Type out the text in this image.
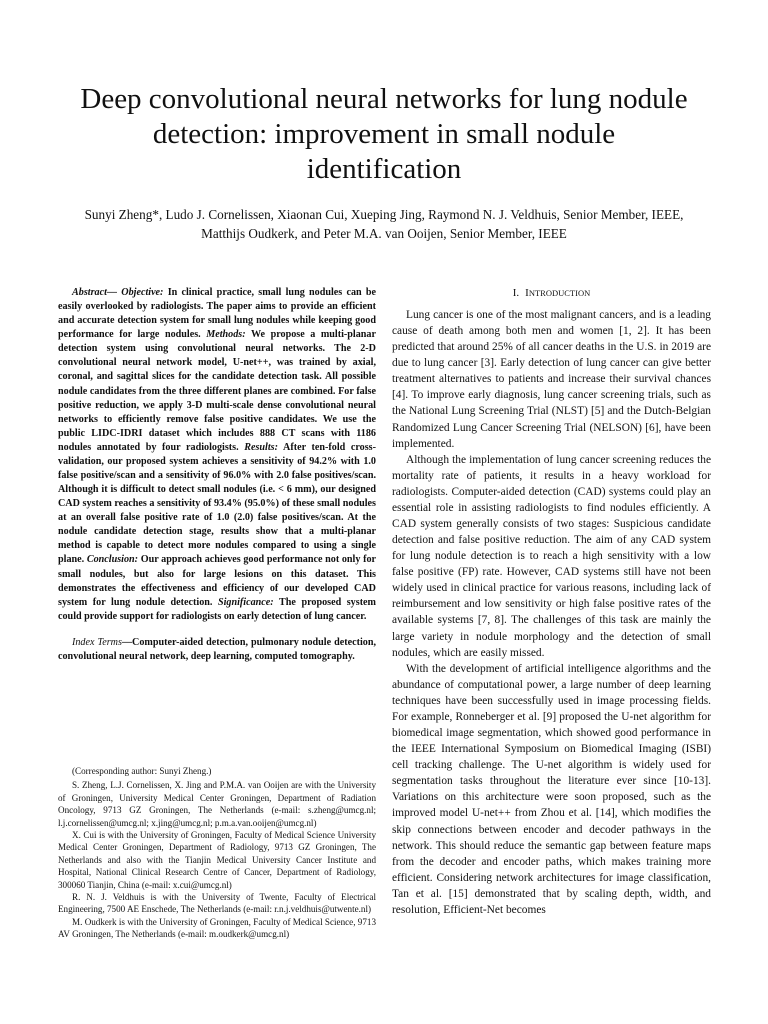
Deep convolutional neural networks for lung nodule detection: improvement in small nodule identification
Sunyi Zheng*, Ludo J. Cornelissen, Xiaonan Cui, Xueping Jing, Raymond N. J. Veldhuis, Senior Member, IEEE, Matthijs Oudkerk, and Peter M.A. van Ooijen, Senior Member, IEEE

Abstract— Objective: In clinical practice, small lung nodules can be easily overlooked by radiologists. The paper aims to provide an efficient and accurate detection system for small lung nodules while keeping good performance for large nodules. Methods: We propose a multi-planar detection system using convolutional neural networks. The 2-D convolutional neural network model, U-net++, was trained by axial, coronal, and sagittal slices for the candidate detection task. All possible nodule candidates from the three different planes are combined. For false positive reduction, we apply 3-D multi-scale dense convolutional neural networks to efficiently remove false positive candidates. We use the public LIDC-IDRI dataset which includes 888 CT scans with 1186 nodules annotated by four radiologists. Results: After ten-fold cross-validation, our proposed system achieves a sensitivity of 94.2% with 1.0 false positive/scan and a sensitivity of 96.0% with 2.0 false positives/scan. Although it is difficult to detect small nodules (i.e. < 6 mm), our designed CAD system reaches a sensitivity of 93.4% (95.0%) of these small nodules at an overall false positive rate of 1.0 (2.0) false positives/scan. At the nodule candidate detection stage, results show that a multi-planar method is capable to detect more nodules compared to using a single plane. Conclusion: Our approach achieves good performance not only for small nodules, but also for large lesions on this dataset. This demonstrates the effectiveness and efficiency of our developed CAD system for lung nodule detection. Significance: The proposed system could provide support for radiologists on early detection of lung cancer.

Index Terms—Computer-aided detection, pulmonary nodule detection, convolutional neural network, deep learning, computed tomography.

(Corresponding author: Sunyi Zheng.)

S. Zheng, L.J. Cornelissen, X. Jing and P.M.A. van Ooijen are with the University of Groningen, University Medical Center Groningen, Department of Radiation Oncology, 9713 GZ Groningen, The Netherlands (e-mail: s.zheng@umcg.nl; l.j.cornelissen@umcg.nl; x.jing@umcg.nl; p.m.a.van.ooijen@umcg.nl)

X. Cui is with the University of Groningen, Faculty of Medical Science University Medical Center Groningen, Department of Radiology, 9713 GZ Groningen, The Netherlands and also with the Tianjin Medical University Cancer Institute and Hospital, National Clinical Research Centre of Cancer, Department of Radiology, 300060 Tianjin, China (e-mail: x.cui@umcg.nl)

R. N. J. Veldhuis is with the University of Twente, Faculty of Electrical Engineering, 7500 AE Enschede, The Netherlands (e-mail: r.n.j.veldhuis@utwente.nl)

M. Oudkerk is with the University of Groningen, Faculty of Medical Science, 9713 AV Groningen, The Netherlands (e-mail: m.oudkerk@umcg.nl)

I. INTRODUCTION

Lung cancer is one of the most malignant cancers, and is a leading cause of death among both men and women [1, 2]. It has been predicted that around 25% of all cancer deaths in the U.S. in 2019 are due to lung cancer [3]. Early detection of lung cancer can give better treatment alternatives to patients and increase their survival chances [4]. To improve early diagnosis, lung cancer screening trials, such as the National Lung Screening Trial (NLST) [5] and the Dutch-Belgian Randomized Lung Cancer Screening Trial (NELSON) [6], have been implemented.

Although the implementation of lung cancer screening reduces the mortality rate of patients, it results in a heavy workload for radiologists. Computer-aided detection (CAD) systems could play an essential role in assisting radiologists to find nodules efficiently. A CAD system generally consists of two stages: Suspicious candidate detection and false positive reduction. The aim of any CAD system for lung nodule detection is to reach a high sensitivity with a low false positive (FP) rate. However, CAD systems still have not been widely used in clinical practice for various reasons, including lack of reimbursement and low sensitivity or high false positive rates of the available systems [7, 8]. The challenges of this task are mainly the large variety in nodule morphology and the detection of small nodules, which are easily missed.

With the development of artificial intelligence algorithms and the abundance of computational power, a large number of deep learning techniques have been successfully used in image processing fields. For example, Ronneberger et al. [9] proposed the U-net algorithm for biomedical image segmentation, which showed good performance in the IEEE International Symposium on Biomedical Imaging (ISBI) cell tracking challenge. The U-net algorithm is widely used for segmentation tasks throughout the literature ever since [10-13]. Variations on this architecture were soon proposed, such as the improved model U-net++ from Zhou et al. [14], which modifies the skip connections between encoder and decoder pathways in the network. This should reduce the semantic gap between feature maps from the decoder and encoder paths, which makes training more efficient. Considering network architectures for image classification, Tan et al. [15] demonstrated that by scaling depth, width, and resolution, Efficient-Net becomes
